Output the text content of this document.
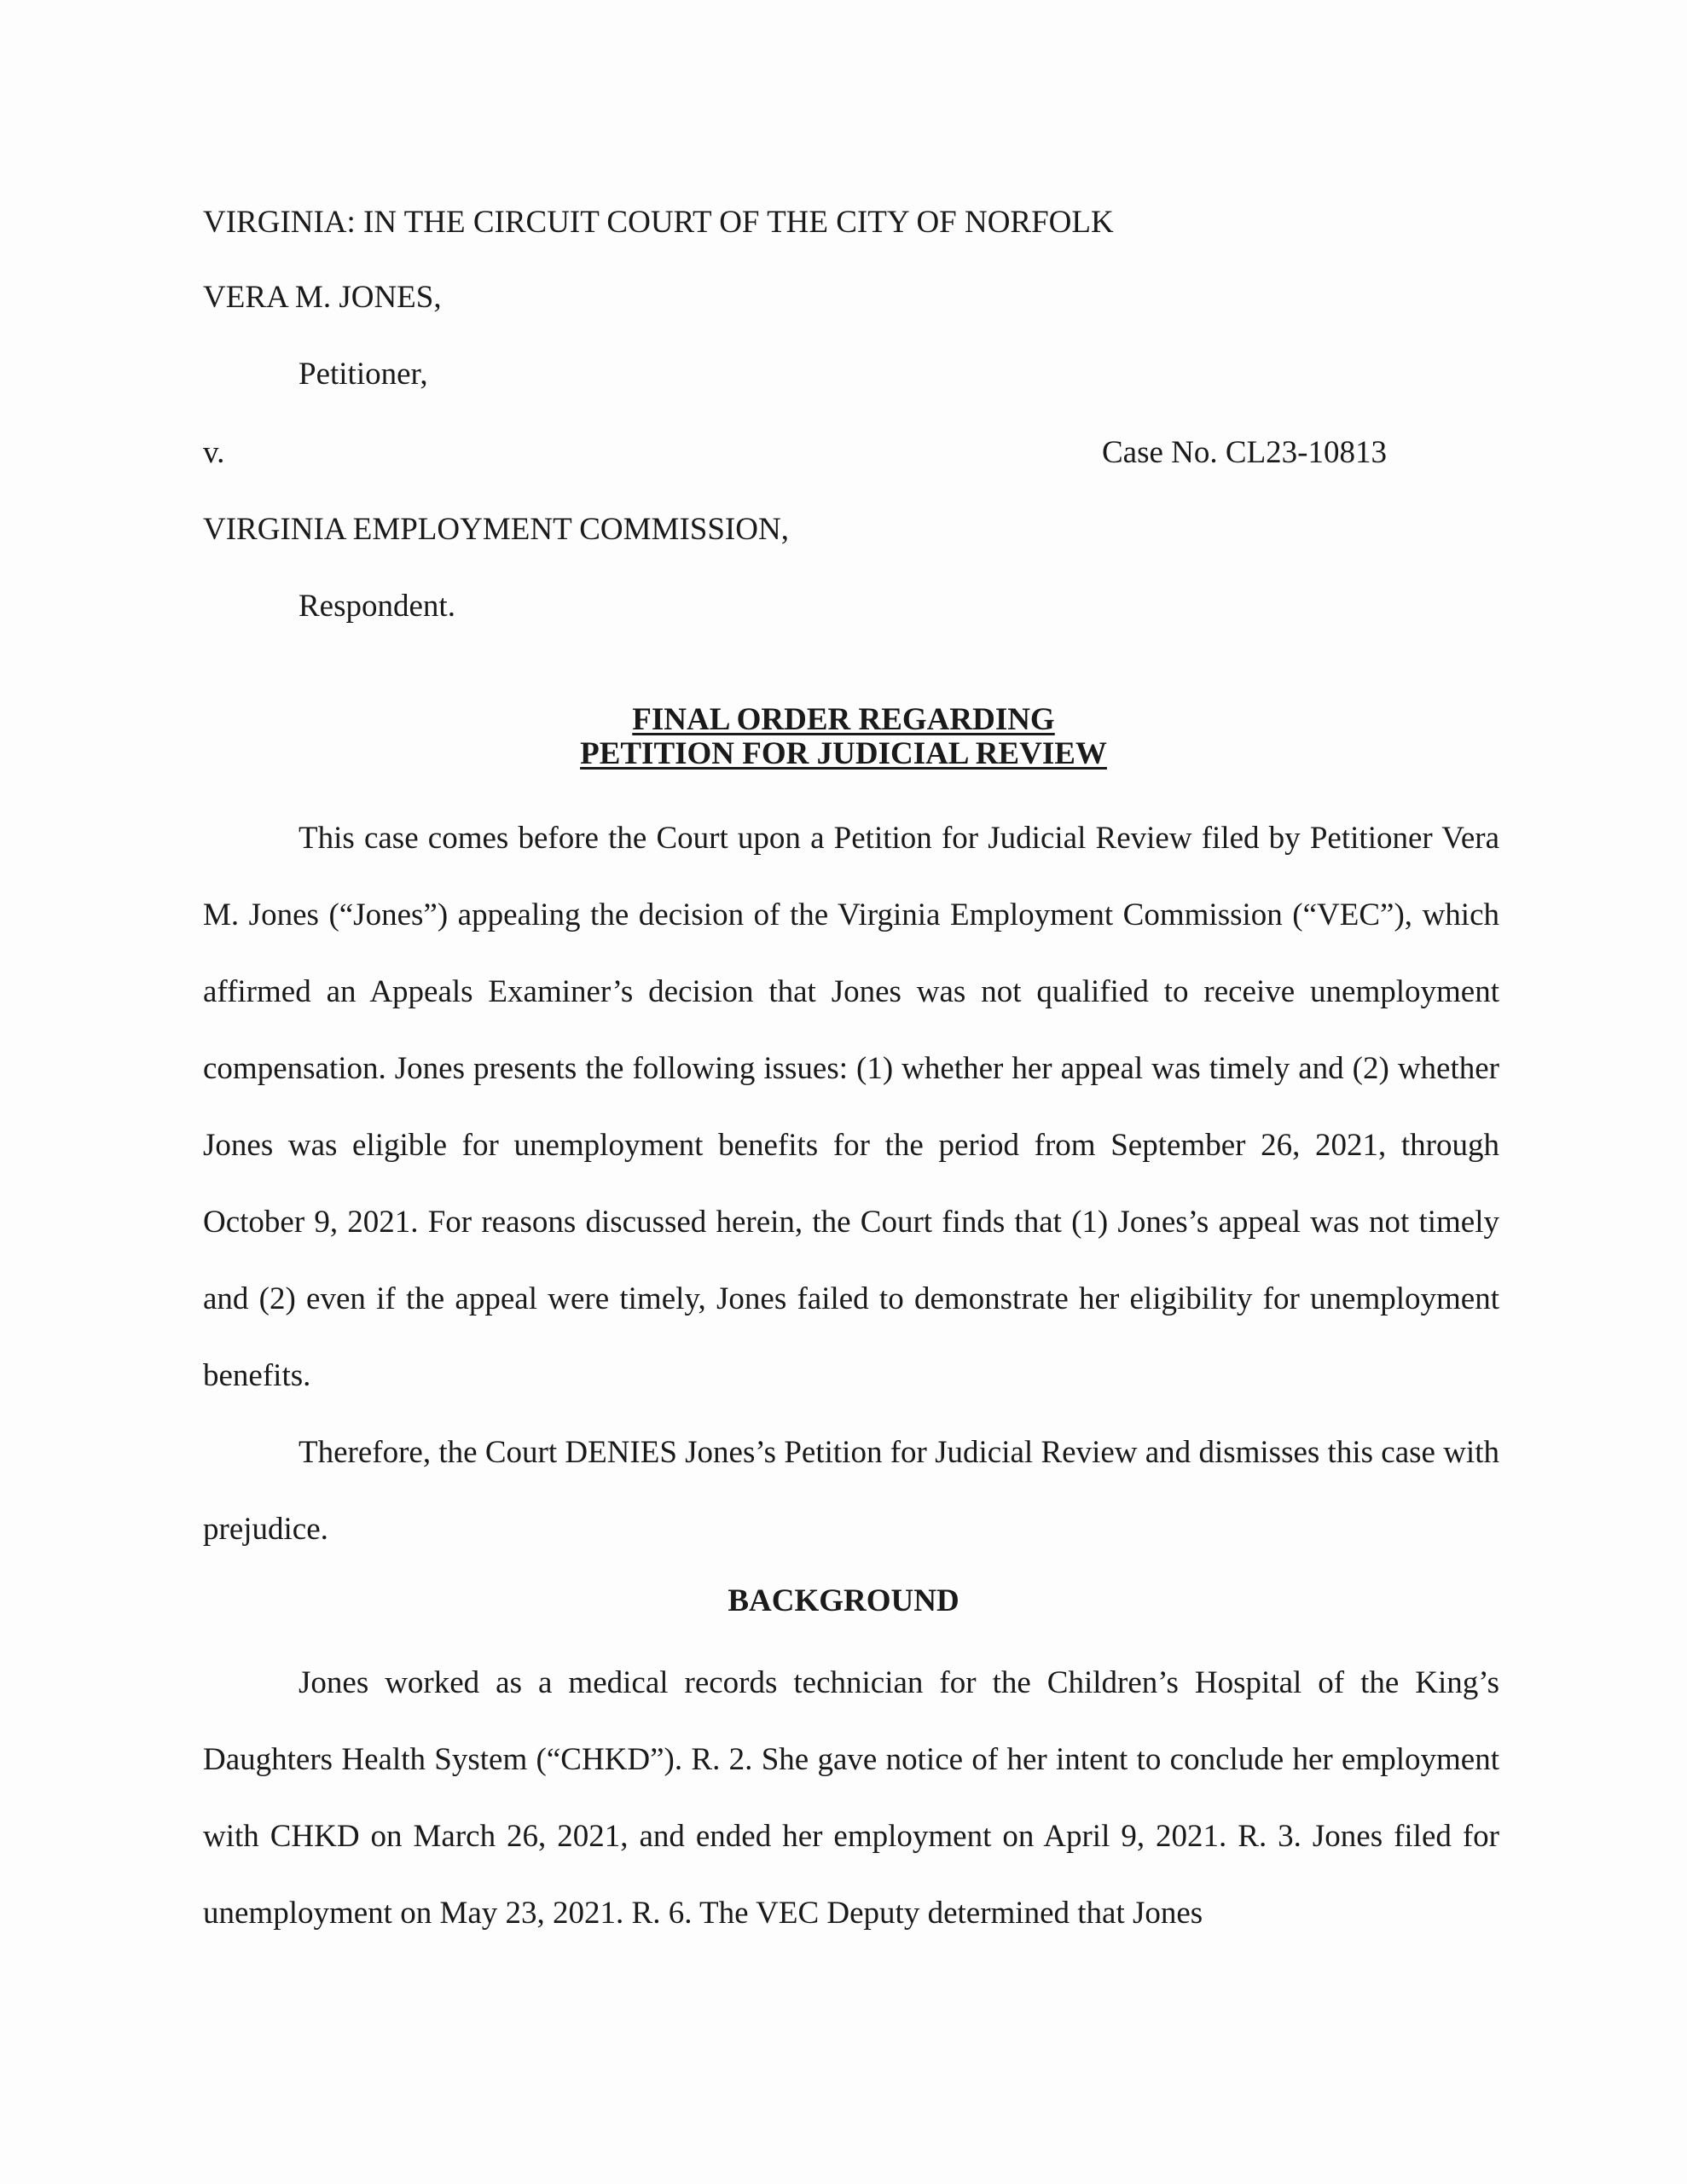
VIRGINIA: IN THE CIRCUIT COURT OF THE CITY OF NORFOLK
VERA M. JONES,
Petitioner,
v.	Case No. CL23-10813
VIRGINIA EMPLOYMENT COMMISSION,
Respondent.
FINAL ORDER REGARDING
PETITION FOR JUDICIAL REVIEW

This case comes before the Court upon a Petition for Judicial Review filed by Petitioner Vera M. Jones (“Jones”) appealing the decision of the Virginia Employment Commission (“VEC”), which affirmed an Appeals Examiner’s decision that Jones was not qualified to receive unemployment compensation. Jones presents the following issues: (1) whether her appeal was timely and (2) whether Jones was eligible for unemployment benefits for the period from September 26, 2021, through October 9, 2021. For reasons discussed herein, the Court finds that (1) Jones’s appeal was not timely and (2) even if the appeal were timely, Jones failed to demonstrate her eligibility for unemployment benefits.

Therefore, the Court DENIES Jones’s Petition for Judicial Review and dismisses this case with prejudice.

BACKGROUND

Jones worked as a medical records technician for the Children’s Hospital of the King’s Daughters Health System (“CHKD”). R. 2. She gave notice of her intent to conclude her employment with CHKD on March 26, 2021, and ended her employment on April 9, 2021. R. 3. Jones filed for unemployment on May 23, 2021. R. 6. The VEC Deputy determined that Jones
